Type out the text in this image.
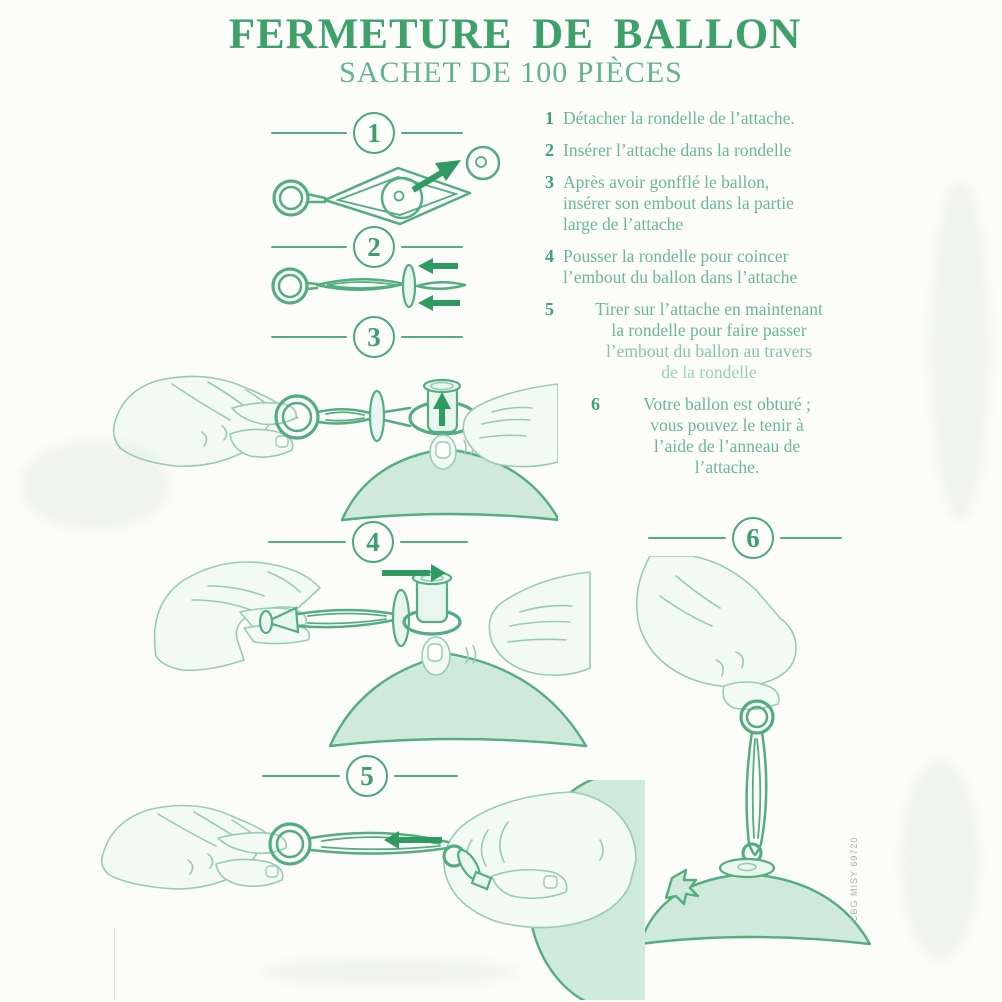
FERMETURE DE BALLON
SACHET DE 100 PIÈCES
1 Détacher la rondelle de l’attache.
2 Insérer l’attache dans la rondelle
3 Après avoir gonfflé le ballon,
insérer son embout dans la partie
large de l’attache
4 Pousser la rondelle pour coincer
l’embout du ballon dans l’attache
5	Tirer sur l’attache en maintenant
la rondelle pour faire passer
l’embout du ballon au travers
de la rondelle
6	Votre ballon est obturé ;
vous pouvez le tenir à
l’aide de l’anneau de
l’attache.
1
2
3
4
5
6
CBG MISY 69720
